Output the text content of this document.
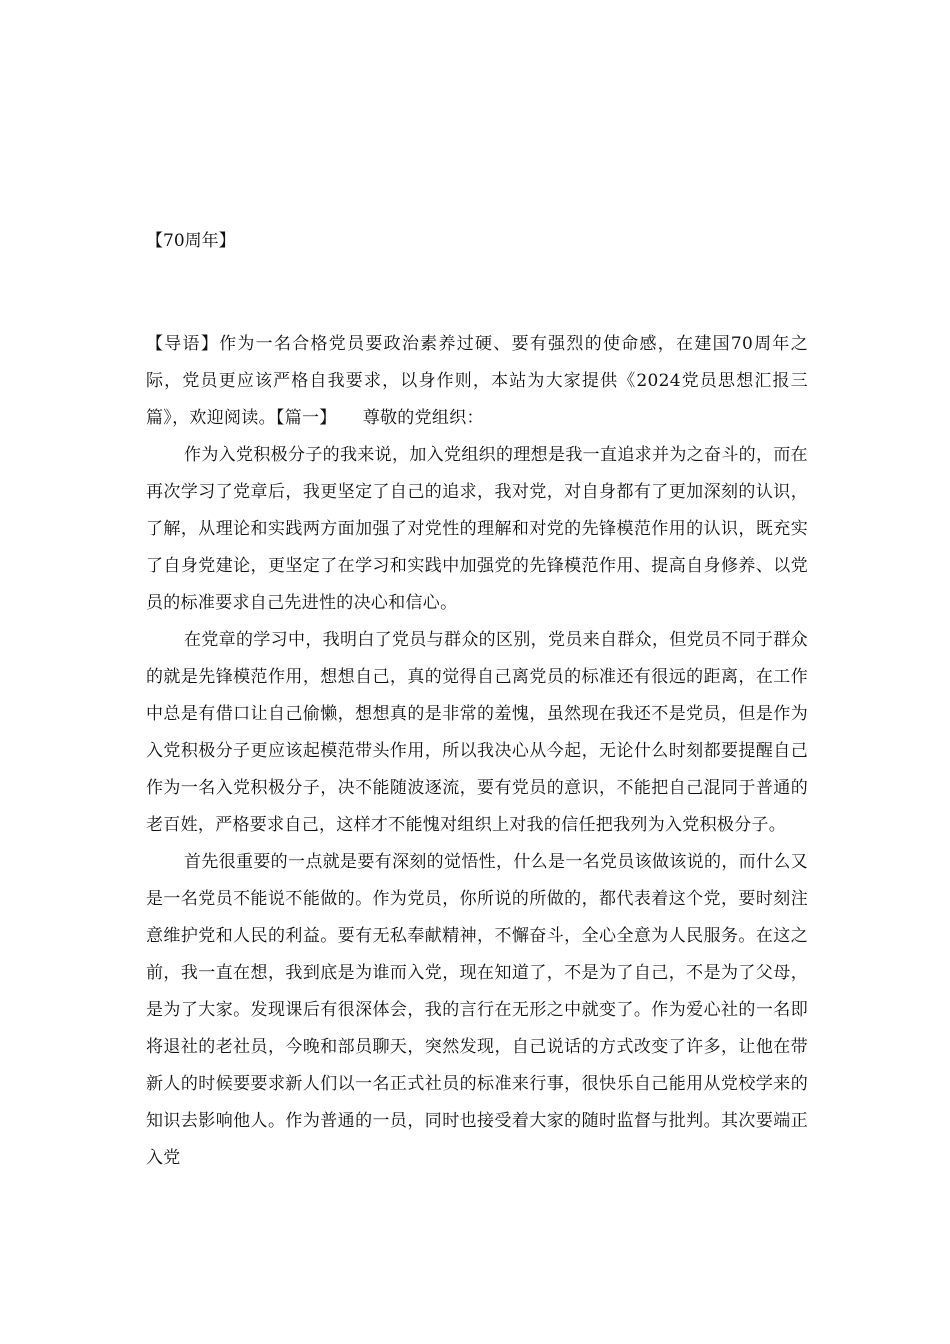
【70周年】

【导语】作为一名合格党员要政治素养过硬、要有强烈的使命感，在建国70周年之际，党员更应该严格自我要求，以身作则，本站为大家提供《2024党员思想汇报三篇》，欢迎阅读。【篇一】　　尊敬的党组织：

作为入党积极分子的我来说，加入党组织的理想是我一直追求并为之奋斗的，而在再次学习了党章后，我更坚定了自己的追求，我对党，对自身都有了更加深刻的认识，了解，从理论和实践两方面加强了对党性的理解和对党的先锋模范作用的认识，既充实了自身党建论，更坚定了在学习和实践中加强党的先锋模范作用、提高自身修养、以党员的标准要求自己先进性的决心和信心。

在党章的学习中，我明白了党员与群众的区别，党员来自群众，但党员不同于群众的就是先锋模范作用，想想自己，真的觉得自己离党员的标准还有很远的距离，在工作中总是有借口让自己偷懒，想想真的是非常的羞愧，虽然现在我还不是党员，但是作为入党积极分子更应该起模范带头作用，所以我决心从今起，无论什么时刻都要提醒自己作为一名入党积极分子，决不能随波逐流，要有党员的意识，不能把自己混同于普通的老百姓，严格要求自己，这样才不能愧对组织上对我的信任把我列为入党积极分子。

首先很重要的一点就是要有深刻的觉悟性，什么是一名党员该做该说的，而什么又是一名党员不能说不能做的。作为党员，你所说的所做的，都代表着这个党，要时刻注意维护党和人民的利益。要有无私奉献精神，不懈奋斗，全心全意为人民服务。在这之前，我一直在想，我到底是为谁而入党，现在知道了，不是为了自己，不是为了父母，是为了大家。发现课后有很深体会，我的言行在无形之中就变了。作为爱心社的一名即将退社的老社员，今晚和部员聊天，突然发现，自己说话的方式改变了许多，让他在带新人的时候要要求新人们以一名正式社员的标准来行事，很快乐自己能用从党校学来的知识去影响他人。作为普通的一员，同时也接受着大家的随时监督与批判。其次要端正入党
